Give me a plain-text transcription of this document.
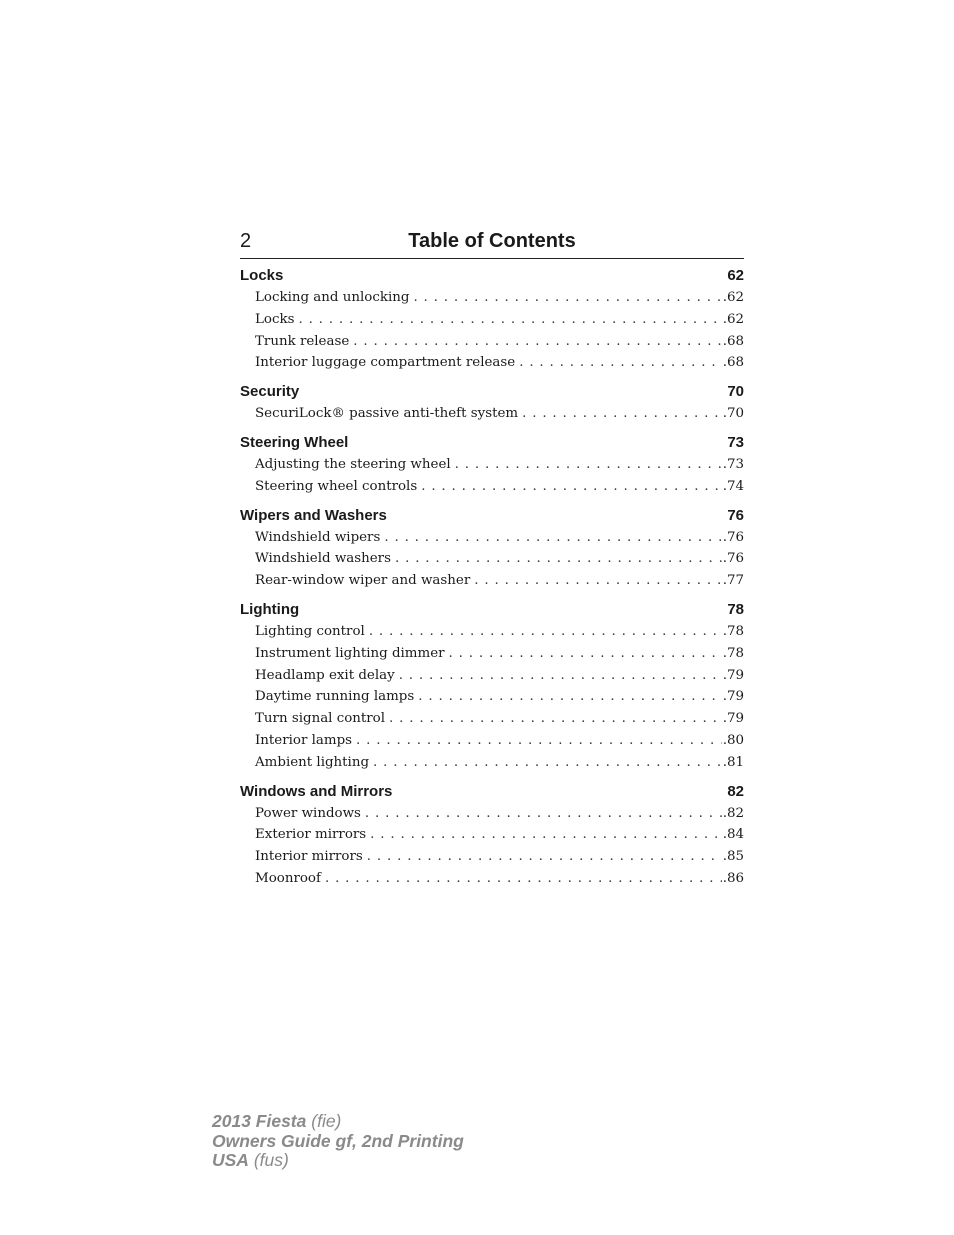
2	Table of Contents
Locks	62
Locking and unlocking . . .	.62
Locks . . .	.62
Trunk release . . .	.68
Interior luggage compartment release . . .	.68
Security	70
SecuriLock® passive anti-theft system . . .	.70
Steering Wheel	73
Adjusting the steering wheel . . .	.73
Steering wheel controls . . .	.74
Wipers and Washers	76
Windshield wipers . . .	.76
Windshield washers . . .	.76
Rear-window wiper and washer . . .	.77
Lighting	78
Lighting control . . .	.78
Instrument lighting dimmer . . .	.78
Headlamp exit delay . . .	.79
Daytime running lamps . . .	.79
Turn signal control . . .	.79
Interior lamps . . .	.80
Ambient lighting . . .	.81
Windows and Mirrors	82
Power windows . . .	.82
Exterior mirrors . . .	.84
Interior mirrors . . .	.85
Moonroof . . .	.86
2013 Fiesta (fie)
Owners Guide gf, 2nd Printing
USA (fus)
